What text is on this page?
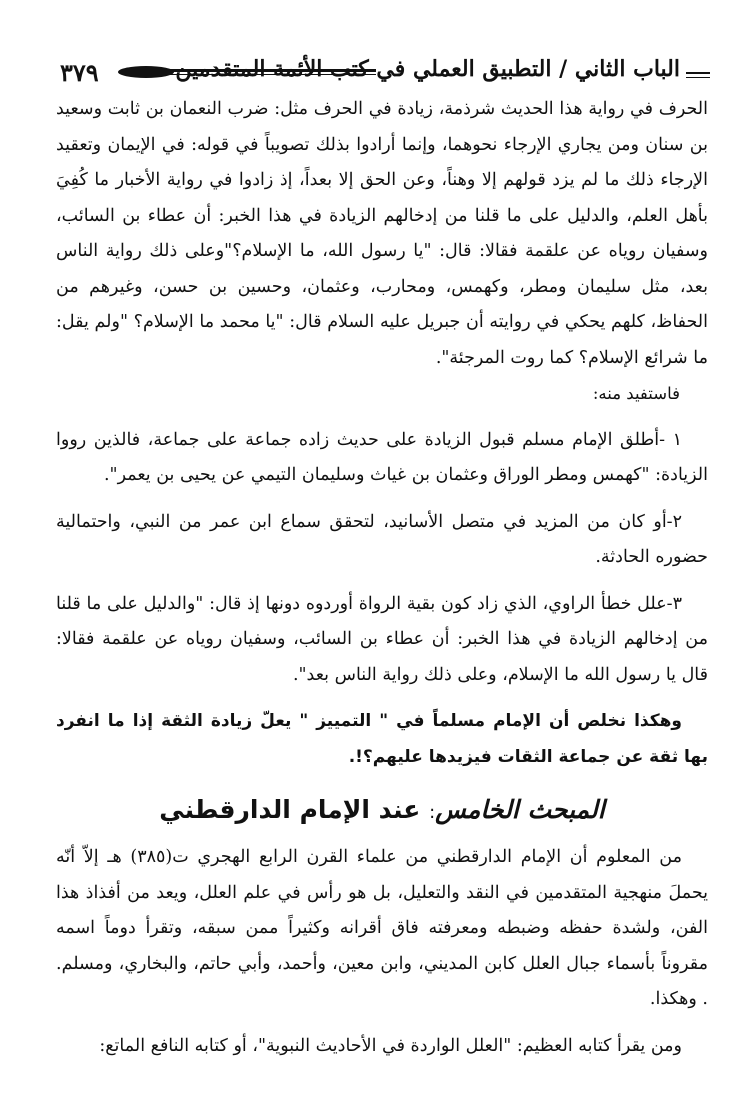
٣٧٩	الباب الثاني / التطبيق العملي في كتب الأئمة المتقدمين

الحرف في رواية هذا الحديث شرذمة، زيادة في الحرف مثل: ضرب النعمان بن ثابت وسعيد بن سنان ومن يجاري الإرجاء نحوهما، وإنما أرادوا بذلك تصويباً في قوله: في الإيمان وتعقيد الإرجاء ذلك ما لم يزد قولهم إلا وهناً، وعن الحق إلا بعداً، إذ زادوا في رواية الأخبار ما كُفِيَ بأهل العلم، والدليل على ما قلنا من إدخالهم الزيادة في هذا الخبر: أن عطاء بن السائب، وسفيان روياه عن علقمة فقالا: قال: "يا رسول الله، ما الإسلام؟"وعلى ذلك رواية الناس بعد، مثل سليمان ومطر، وكهمس، ومحارب، وعثمان، وحسين بن حسن، وغيرهم من الحفاظ، كلهم يحكي في روايته أن جبريل عليه السلام قال: "يا محمد ما الإسلام؟ "ولم يقل: ما شرائع الإسلام؟ كما روت المرجئة".

فاستفيد منه:

١ -أطلق الإمام مسلم قبول الزيادة على حديث زاده جماعة على جماعة، فالذين رووا الزيادة: "كهمس ومطر الوراق وعثمان بن غياث وسليمان التيمي عن يحيى بن يعمر".

٢-أو كان من المزيد في متصل الأسانيد، لتحقق سماع ابن عمر من النبي، واحتمالية حضوره الحادثة.

٣-علل خطأ الراوي، الذي زاد كون بقية الرواة أوردوه دونها إذ قال: "والدليل على ما قلنا من إدخالهم الزيادة في هذا الخبر: أن عطاء بن السائب، وسفيان روياه عن علقمة فقالا: قال يا رسول الله ما الإسلام، وعلى ذلك رواية الناس بعد".

وهكذا نخلص أن الإمام مسلماً في " التمييز " يعلّ زيادة الثقة إذا ما انفرد بها ثقة عن جماعة الثقات فيزيدها عليهم؟!.

المبحث الخامس: عند الإمام الدارقطني

من المعلوم أن الإمام الدارقطني من علماء القرن الرابع الهجري ت(٣٨٥) هـ إلاّ أنّه يحملَ منهجية المتقدمين في النقد والتعليل، بل هو رأس في علم العلل، ويعد من أفذاذ هذا الفن، ولشدة حفظه وضبطه ومعرفته فاق أقرانه وكثيراً ممن سبقه، وتقرأ دوماً اسمه مقروناً بأسماء جبال العلل كابن المديني، وابن معين، وأحمد، وأبي حاتم، والبخاري، ومسلم. . وهكذا.

ومن يقرأ كتابه العظيم: "العلل الواردة في الأحاديث النبوية"، أو كتابه النافع الماتع:
